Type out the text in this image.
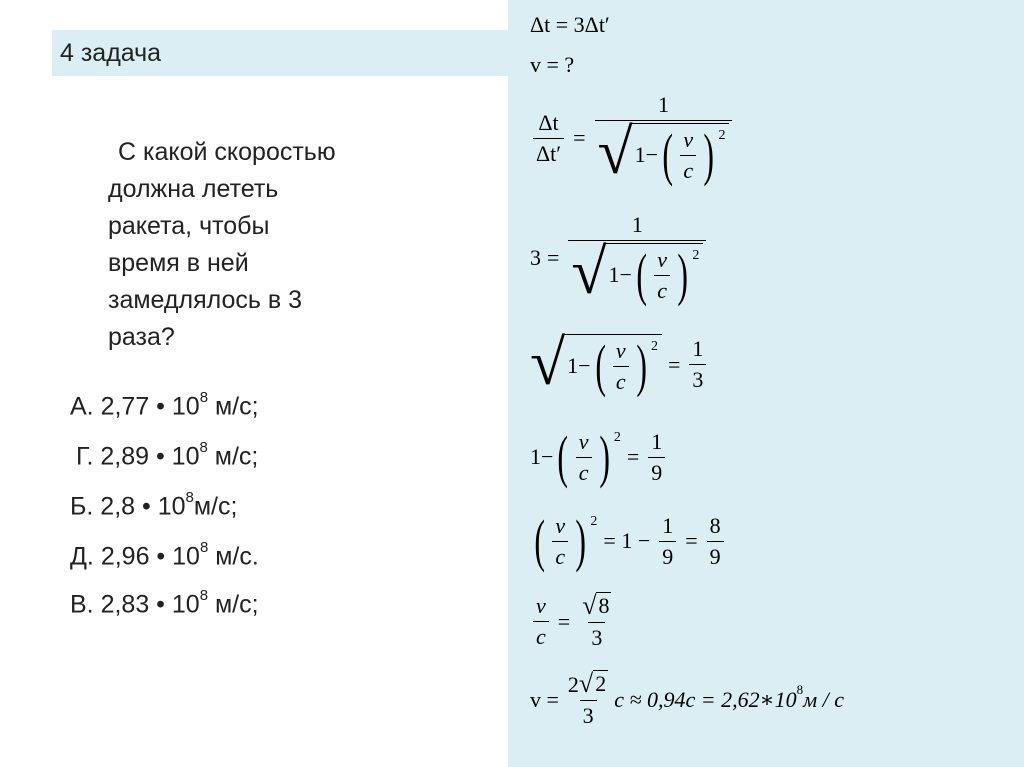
4 задача
С какой скоростью
должна лететь
ракета, чтобы
время в ней
замедлялось в 3
раза?
А. 2,77 • $10^8$ м/с;
Г. 2,89 • $10^8$ м/с;
Б. 2,8 • $10^8м/с$;
Д. 2,96 • $10^8$ м/с.
В. 2,83 • $10^8$ м/с;
Δt = 3Δt′
v = ?
$\frac{\Delta t}{\Delta t'} = \frac{1}{√ 1- ( \frac{v}{c} ) 2}$
$3 = \frac{1}{√ 1- ( \frac{v}{c} ) 2}$
√ 1− ( $\frac{v}{c}$ ) 2
= $\frac{1}{3}$
1− ( $\frac{v}{c}$ ) 2
= $\frac{1}{9}$
( $\frac{v}{c}$ ) 2
= $1 - \frac{1}{9} = \frac{8}{9}$
$\frac{v}{c} = \frac{√ 8}{3}$
$v = \frac{2 √ 2}{3}$ c ≈ 0,94c = 2,62∗10 8 м / с
